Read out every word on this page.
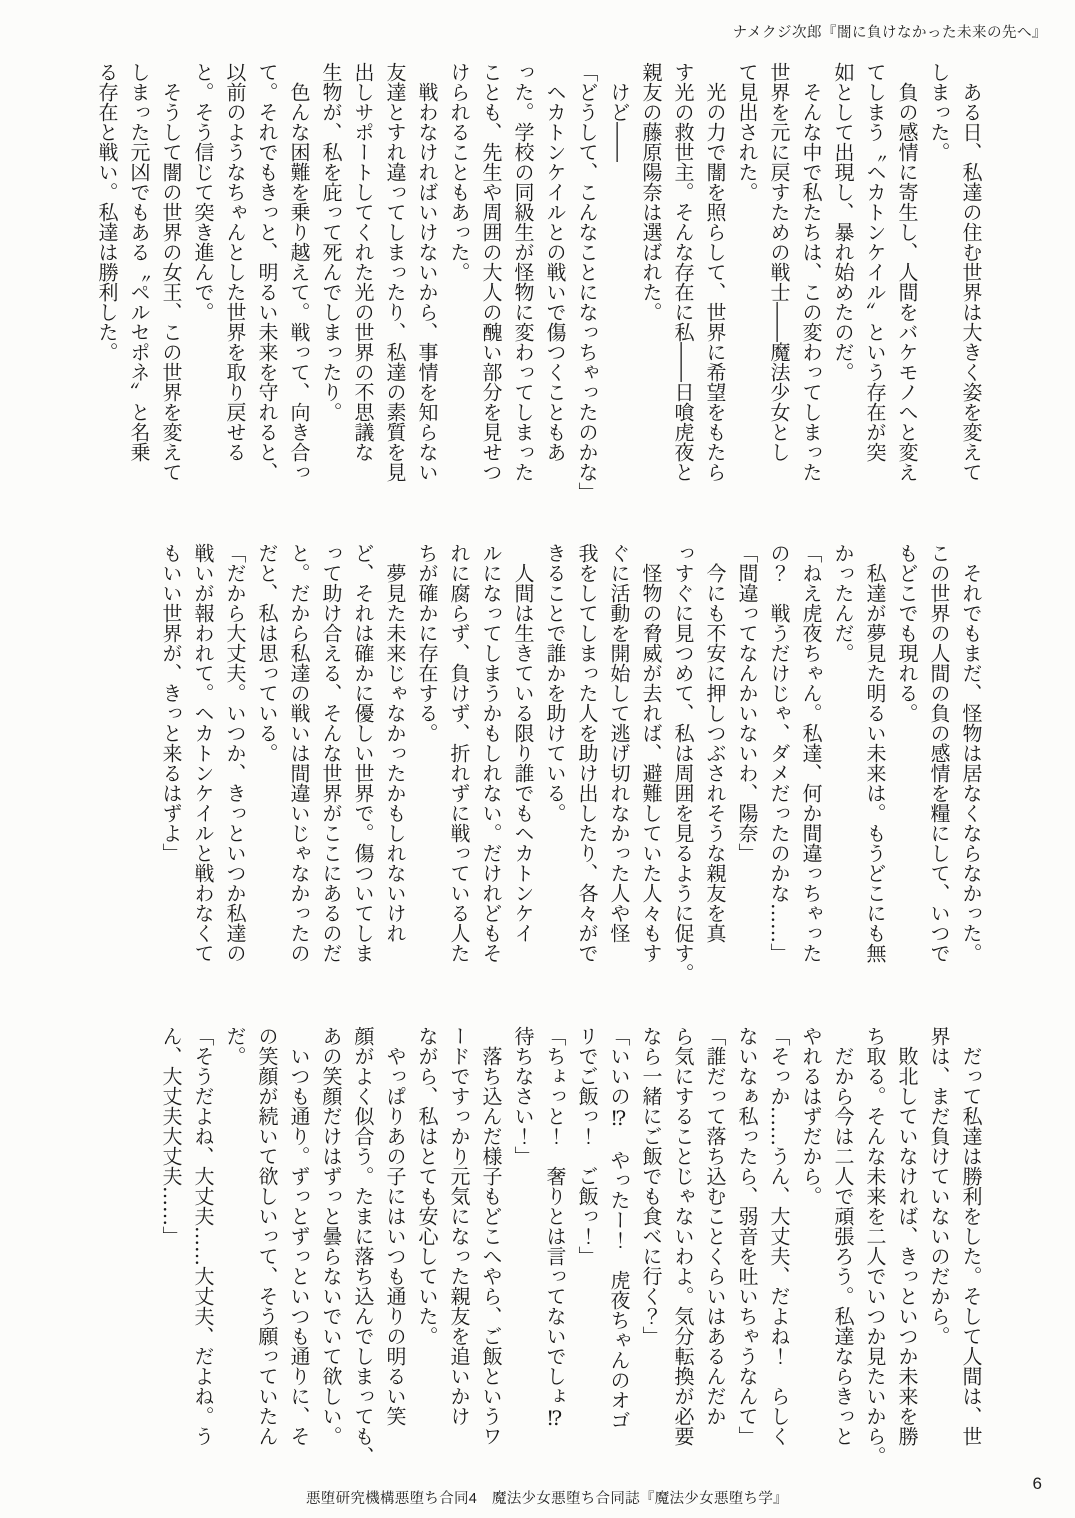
ナメクジ次郎『闇に負けなかった未来の先へ』
　ある日、私達の住む世界は大きく姿を変えて
しまった。
　負の感情に寄生し、人間をバケモノへと変え
てしまう〝ヘカトンケイル〟という存在が突
如として出現し、暴れ始めたのだ。
　そんな中で私たちは、この変わってしまった
世界を元に戻すための戦士――魔法少女とし
て見出された。
　光の力で闇を照らして、世界に希望をもたら
す光の救世主。そんな存在に私――日喰虎夜と
親友の藤原陽奈は選ばれた。
　けど――
「どうして、こんなことになっちゃったのかな」
　ヘカトンケイルとの戦いで傷つくこともあ
った。学校の同級生が怪物に変わってしまった
ことも、先生や周囲の大人の醜い部分を見せつ
けられることもあった。
　戦わなければいけないから、事情を知らない
友達とすれ違ってしまったり、私達の素質を見
出しサポートしてくれた光の世界の不思議な
生物が、私を庇って死んでしまったり。
　色んな困難を乗り越えて。戦って、向き合っ
て。それでもきっと、明るい未来を守れると、
以前のようなちゃんとした世界を取り戻せる
と。そう信じて突き進んで。
　そうして闇の世界の女王、この世界を変えて
しまった元凶でもある〝ペルセポネ〟と名乗
る存在と戦い。私達は勝利した。
　それでもまだ、怪物は居なくならなかった。
この世界の人間の負の感情を糧にして、いつで
もどこでも現れる。
　私達が夢見た明るい未来は。もうどこにも無
かったんだ。
「ねえ虎夜ちゃん。私達、何か間違っちゃった
の？　戦うだけじゃ、ダメだったのかな……」
「間違ってなんかいないわ、陽奈」
　今にも不安に押しつぶされそうな親友を真
っすぐに見つめて、私は周囲を見るように促す。
　怪物の脅威が去れば、避難していた人々もす
ぐに活動を開始して逃げ切れなかった人や怪
我をしてしまった人を助け出したり、各々がで
きることで誰かを助けている。
　人間は生きている限り誰でもヘカトンケイ
ルになってしまうかもしれない。だけれどもそ
れに腐らず、負けず、折れずに戦っている人た
ちが確かに存在する。
　夢見た未来じゃなかったかもしれないけれ
ど、それは確かに優しい世界で。傷ついてしま
って助け合える、そんな世界がここにあるのだ
と。だから私達の戦いは間違いじゃなかったの
だと、私は思っている。
「だから大丈夫。いつか、きっといつか私達の
戦いが報われて。ヘカトンケイルと戦わなくて
もいい世界が、きっと来るはずよ」
　だって私達は勝利をした。そして人間は、世
界は、まだ負けていないのだから。
　敗北していなければ、きっといつか未来を勝
ち取る。そんな未来を二人でいつか見たいから。
　だから今は二人で頑張ろう。私達ならきっと
やれるはずだから。
「そっか……うん、大丈夫、だよね！　らしく
ないなぁ私ったら、弱音を吐いちゃうなんて」
「誰だって落ち込むことくらいはあるんだか
ら気にすることじゃないわよ。気分転換が必要
なら一緒にご飯でも食べに行く？」
「いいの⁉　やったー！　虎夜ちゃんのオゴ
リでご飯っ！　ご飯っ！」
「ちょっと！　奢りとは言ってないでしょ⁉
待ちなさい！」
　落ち込んだ様子もどこへやら、ご飯というワ
ードですっかり元気になった親友を追いかけ
ながら、私はとても安心していた。
　やっぱりあの子にはいつも通りの明るい笑
顔がよく似合う。たまに落ち込んでしまっても、
あの笑顔だけはずっと曇らないでいて欲しい。
　いつも通り。ずっとずっといつも通りに、そ
の笑顔が続いて欲しいって、そう願っていたん
だ。
「そうだよね、大丈夫……大丈夫、だよね。う
ん、大丈夫大丈夫……」
悪堕研究機構悪堕ち合同4　魔法少女悪堕ち合同誌『魔法少女悪堕ち学』
6
